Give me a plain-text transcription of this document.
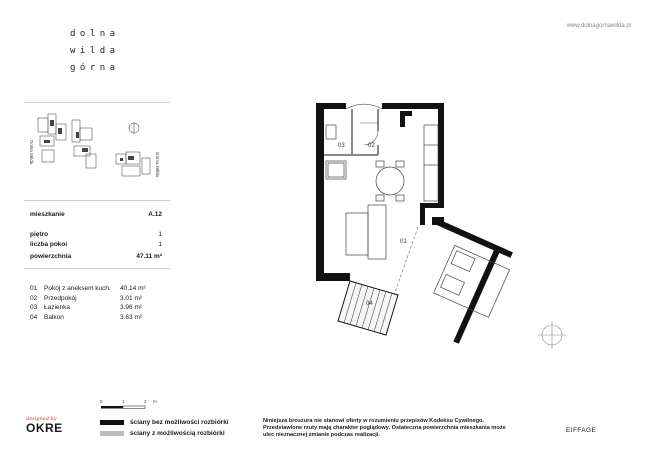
dolna
wilda
górna
www.dolnagornawilda.pl
Dolna Wilda	Górna Wilda
mieszkanie	A.12
piętro	1
liczba pokoi	1
powierzchnia	47.11 m²
01	Pokój z aneksem kuch.	40.14 m²
02	Przedpokój	3.01 m²
03	Łazienka	3.96 m²
04	Balkon	3.63 m²
01
02
03
04
0	1	2 m
ściany bez możliwości rozbiórki
ściany z możliwością rozbiórki
designed by
OKRE	Niniejsza broszura nie stanowi oferty w rozumieniu przepisów Kodeksu Cywilnego.
Przedstawione rzuty mają charakter poglądowy. Ostateczna powierzchnia mieszkania może
ulec nieznacznej zmianie podczas realizacji.
EIFFAGE
